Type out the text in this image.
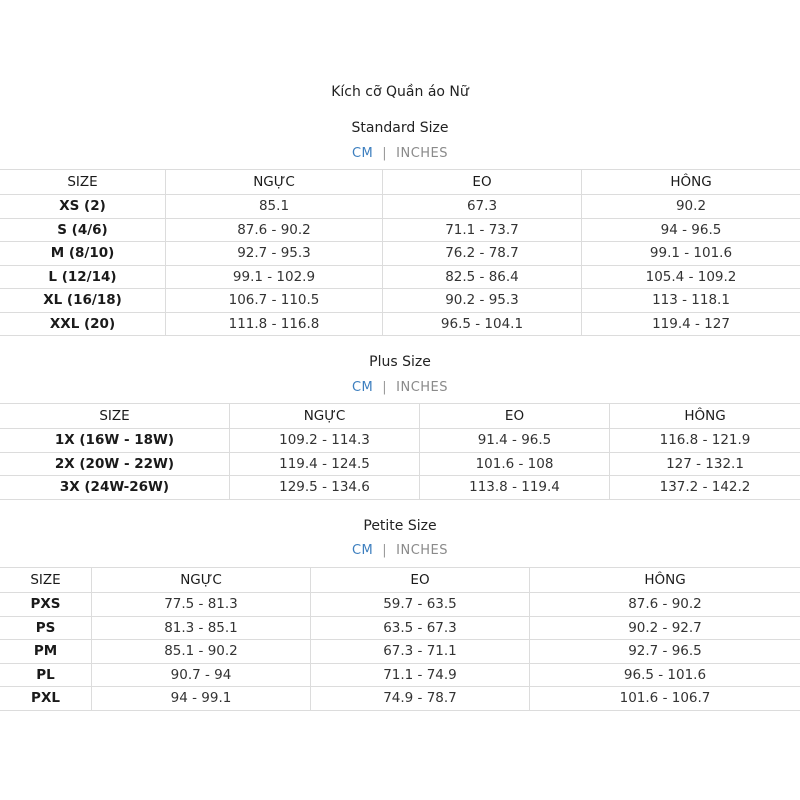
Kích cỡ Quần áo Nữ
Standard Size
CM | INCHES
SIZE	NGỰC	EO	HÔNG
XS (2)	85.1	67.3	90.2
S (4/6)	87.6 - 90.2	71.1 - 73.7	94 - 96.5
M (8/10)	92.7 - 95.3	76.2 - 78.7	99.1 - 101.6
L (12/14)	99.1 - 102.9	82.5 - 86.4	105.4 - 109.2
XL (16/18)	106.7 - 110.5	90.2 - 95.3	113 - 118.1
XXL (20)	111.8 - 116.8	96.5 - 104.1	119.4 - 127
Plus Size
CM | INCHES
SIZE	NGỰC	EO	HÔNG
1X (16W - 18W)	109.2 - 114.3	91.4 - 96.5	116.8 - 121.9
2X (20W - 22W)	119.4 - 124.5	101.6 - 108	127 - 132.1
3X (24W-26W)	129.5 - 134.6	113.8 - 119.4	137.2 - 142.2
Petite Size
CM | INCHES
SIZE	NGỰC	EO	HÔNG
PXS	77.5 - 81.3	59.7 - 63.5	87.6 - 90.2
PS	81.3 - 85.1	63.5 - 67.3	90.2 - 92.7
PM	85.1 - 90.2	67.3 - 71.1	92.7 - 96.5
PL	90.7 - 94	71.1 - 74.9	96.5 - 101.6
PXL	94 - 99.1	74.9 - 78.7	101.6 - 106.7
